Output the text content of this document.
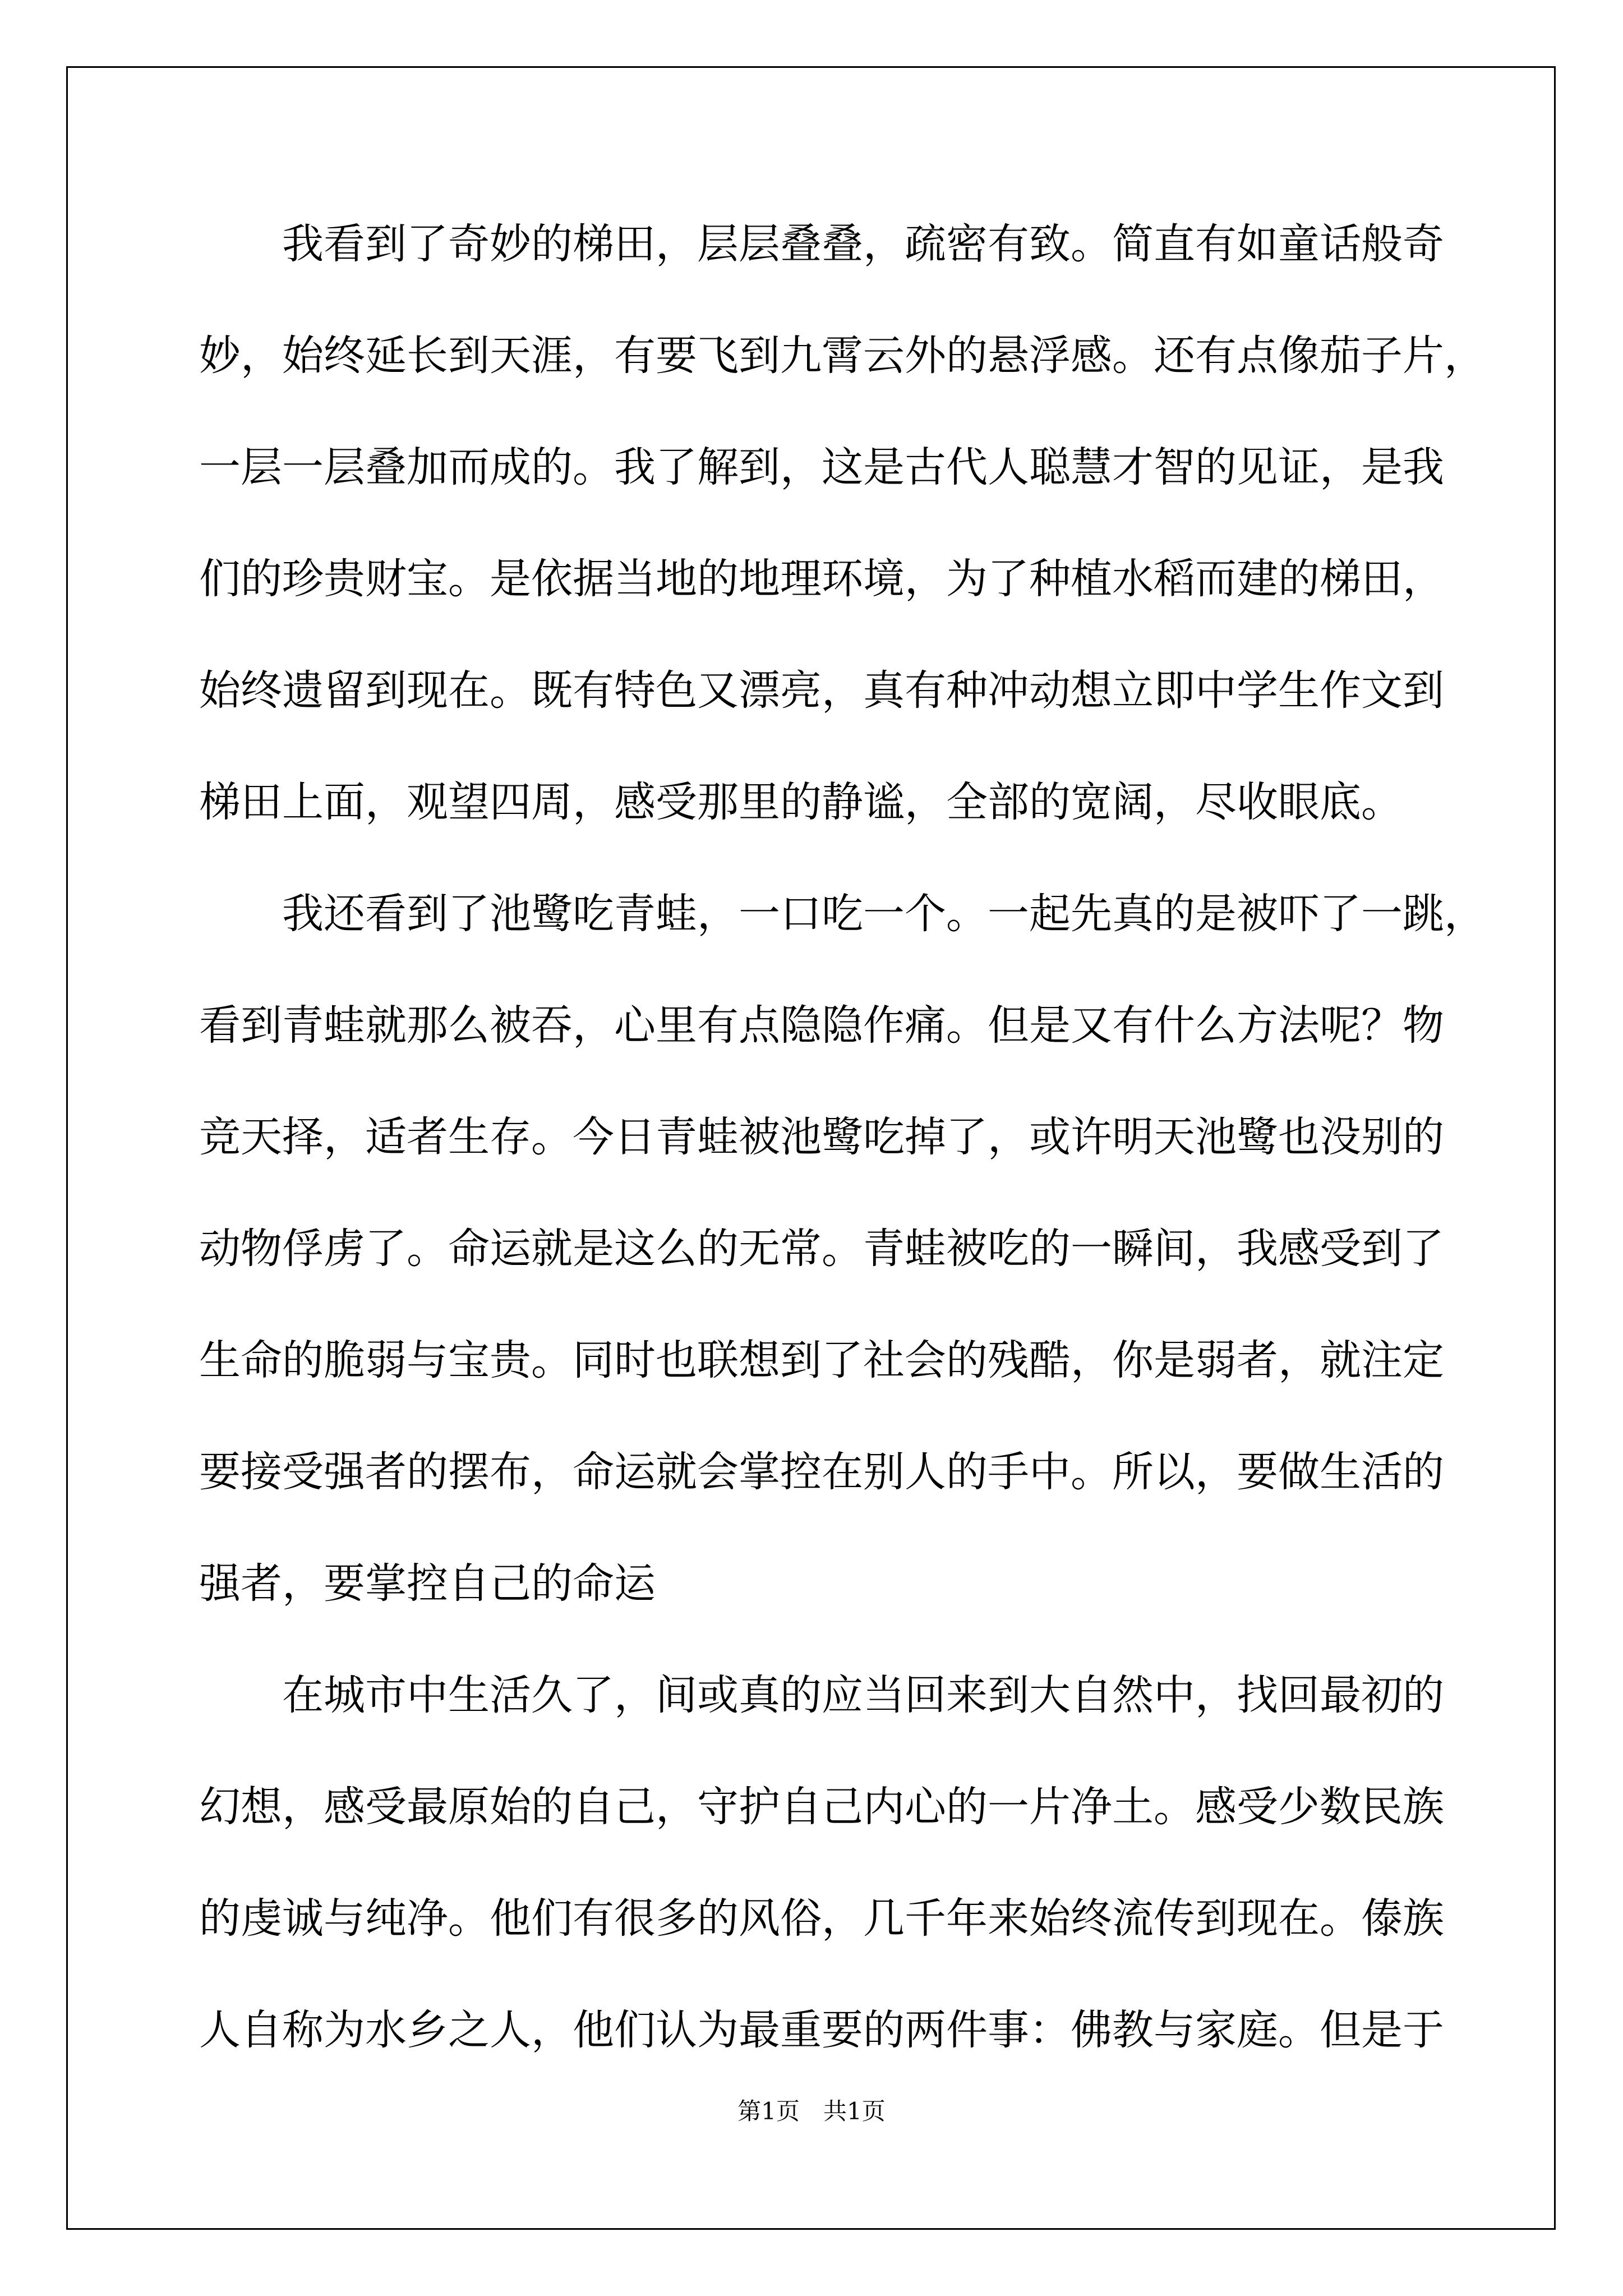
我看到了奇妙的梯田，层层叠叠，疏密有致。简直有如童话般奇
妙，始终延长到天涯，有要飞到九霄云外的悬浮感。还有点像茄子片，
一层一层叠加而成的。我了解到，这是古代人聪慧才智的见证，是我
们的珍贵财宝。是依据当地的地理环境，为了种植水稻而建的梯田，
始终遗留到现在。既有特色又漂亮，真有种冲动想立即中学生作文到
梯田上面，观望四周，感受那里的静谧，全部的宽阔，尽收眼底。
我还看到了池鹭吃青蛙，一口吃一个。一起先真的是被吓了一跳，
看到青蛙就那么被吞，心里有点隐隐作痛。但是又有什么方法呢？物
竞天择，适者生存。今日青蛙被池鹭吃掉了，或许明天池鹭也没别的
动物俘虏了。命运就是这么的无常。青蛙被吃的一瞬间，我感受到了
生命的脆弱与宝贵。同时也联想到了社会的残酷，你是弱者，就注定
要接受强者的摆布，命运就会掌控在别人的手中。所以，要做生活的
强者，要掌控自己的命运
在城市中生活久了，间或真的应当回来到大自然中，找回最初的
幻想，感受最原始的自己，守护自己内心的一片净土。感受少数民族
的虔诚与纯净。他们有很多的风俗，几千年来始终流传到现在。傣族
人自称为水乡之人，他们认为最重要的两件事：佛教与家庭。但是于
第1页　共1页
